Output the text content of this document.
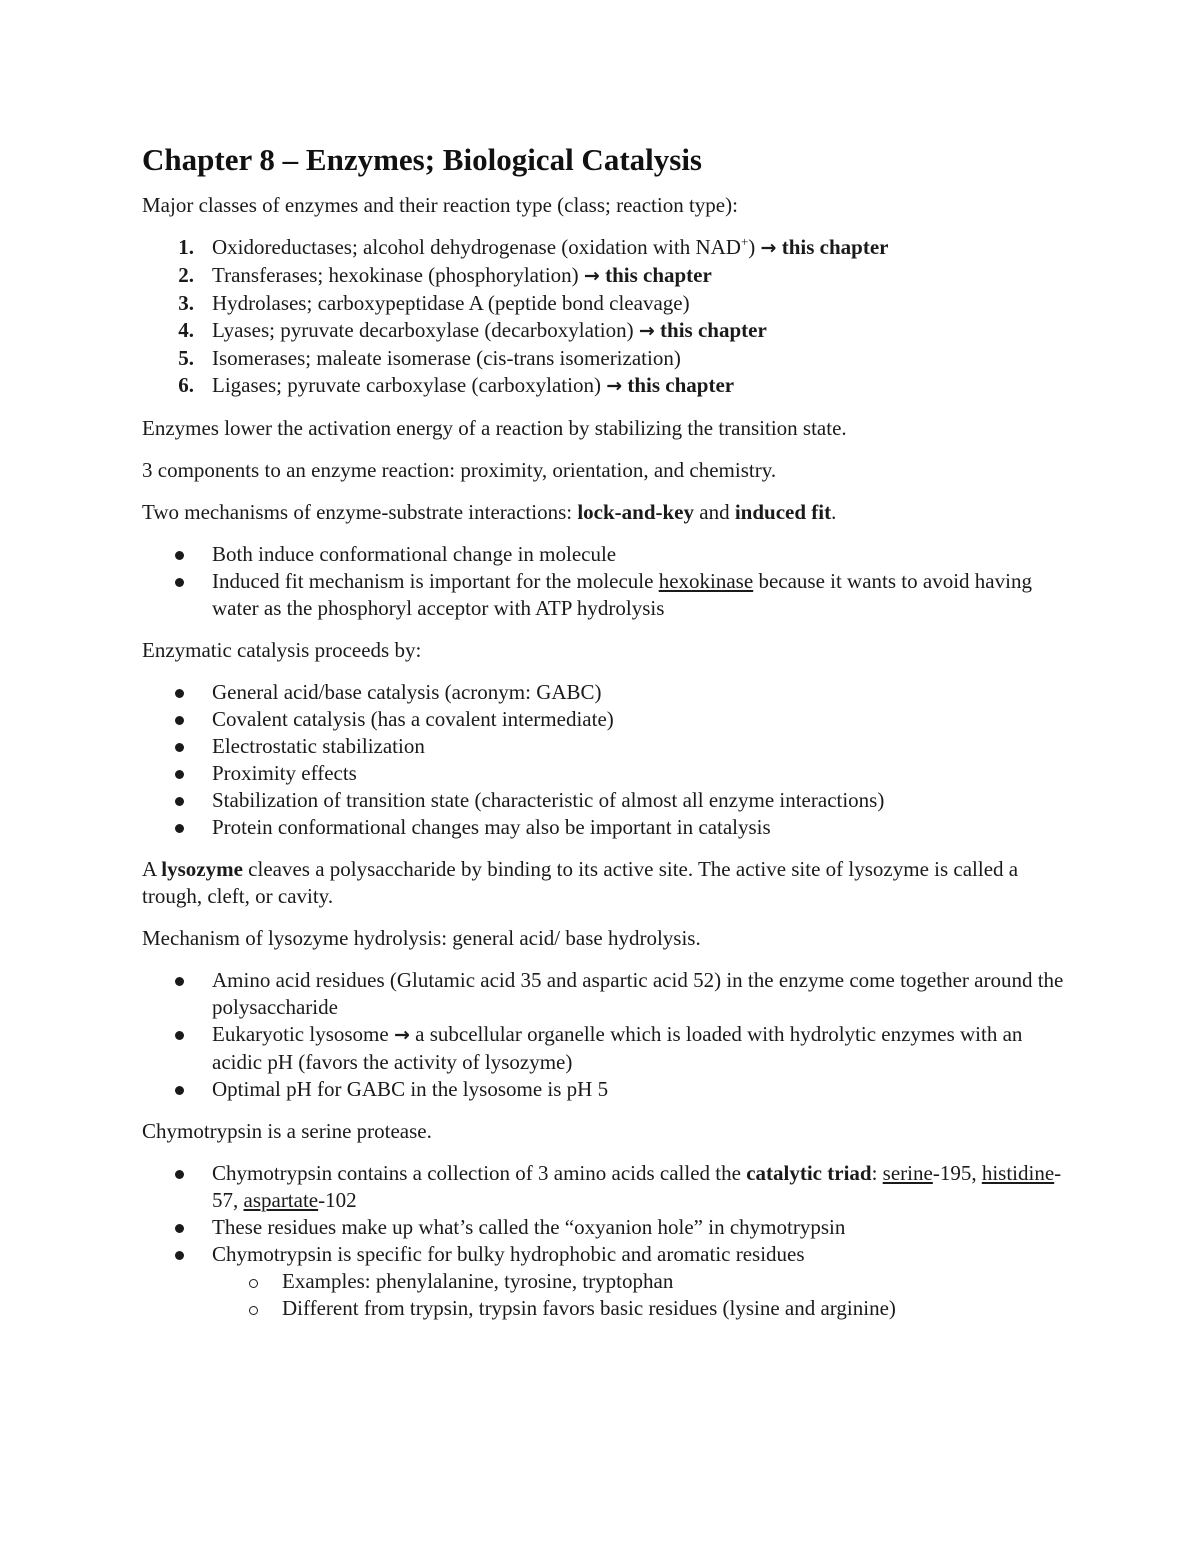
Chapter 8 – Enzymes; Biological Catalysis

Major classes of enzymes and their reaction type (class; reaction type):

1. Oxidoreductases; alcohol dehydrogenase (oxidation with NAD+) → this chapter
2. Transferases; hexokinase (phosphorylation) → this chapter
3. Hydrolases; carboxypeptidase A (peptide bond cleavage)
4. Lyases; pyruvate decarboxylase (decarboxylation) → this chapter
5. Isomerases; maleate isomerase (cis-trans isomerization)
6. Ligases; pyruvate carboxylase (carboxylation) → this chapter

Enzymes lower the activation energy of a reaction by stabilizing the transition state.

3 components to an enzyme reaction: proximity, orientation, and chemistry.

Two mechanisms of enzyme-substrate interactions: lock-and-key and induced fit.

Both induce conformational change in molecule
Induced fit mechanism is important for the molecule hexokinase because it wants to avoid having water as the phosphoryl acceptor with ATP hydrolysis

Enzymatic catalysis proceeds by:

General acid/base catalysis (acronym: GABC)
Covalent catalysis (has a covalent intermediate)
Electrostatic stabilization
Proximity effects
Stabilization of transition state (characteristic of almost all enzyme interactions)
Protein conformational changes may also be important in catalysis

A lysozyme cleaves a polysaccharide by binding to its active site. The active site of lysozyme is called a trough, cleft, or cavity.

Mechanism of lysozyme hydrolysis: general acid/ base hydrolysis.

Amino acid residues (Glutamic acid 35 and aspartic acid 52) in the enzyme come together around the polysaccharide
Eukaryotic lysosome → a subcellular organelle which is loaded with hydrolytic enzymes with an acidic pH (favors the activity of lysozyme)
Optimal pH for GABC in the lysosome is pH 5

Chymotrypsin is a serine protease.

Chymotrypsin contains a collection of 3 amino acids called the catalytic triad: serine-195, histidine-57, aspartate-102
These residues make up what’s called the “oxyanion hole” in chymotrypsin
Chymotrypsin is specific for bulky hydrophobic and aromatic residues
Examples: phenylalanine, tyrosine, tryptophan
Different from trypsin, trypsin favors basic residues (lysine and arginine)
